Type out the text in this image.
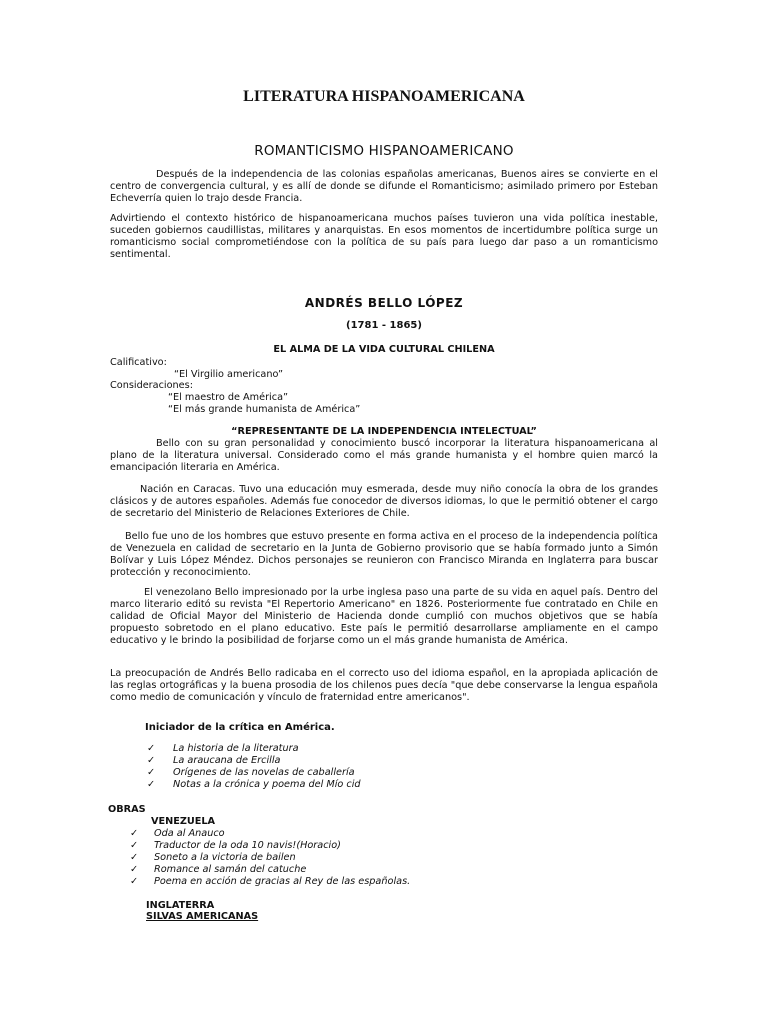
LITERATURA HISPANOAMERICANA
ROMANTICISMO HISPANOAMERICANO

Después de la independencia de las colonias españolas americanas, Buenos aires se convierte en el centro de convergencia cultural, y es allí de donde se difunde el Romanticismo; asimilado primero por Esteban Echeverría quien lo trajo desde Francia.

Advirtiendo el contexto histórico de hispanoamericana muchos países tuvieron una vida política inestable, suceden gobiernos caudillistas, militares y anarquistas. En esos momentos de incertidumbre política surge un romanticismo social comprometiéndose con la política de su país para luego dar paso a un romanticismo sentimental.

ANDRÉS BELLO LÓPEZ
(1781 - 1865)
EL ALMA DE LA VIDA CULTURAL CHILENA
Calificativo:
“El Virgilio americano”
Consideraciones:
“El maestro de América”
“El más grande humanista de América”
“REPRESENTANTE DE LA INDEPENDENCIA INTELECTUAL”

Bello con su gran personalidad y conocimiento buscó incorporar la literatura hispanoamericana al plano de la literatura universal. Considerado como el más grande humanista y el hombre quien marcó la emancipación literaria en América.

Nación en Caracas. Tuvo una educación muy esmerada, desde muy niño conocía la obra de los grandes clásicos y de autores españoles. Además fue conocedor de diversos idiomas, lo que le permitió obtener el cargo de secretario del Ministerio de Relaciones Exteriores de Chile.

Bello fue uno de los hombres que estuvo presente en forma activa en el proceso de la independencia política de Venezuela en calidad de secretario en la Junta de Gobierno provisorio que se había formado junto a Simón Bolívar y Luis López Méndez. Dichos personajes se reunieron con Francisco Miranda en Inglaterra para buscar protección y reconocimiento.

El venezolano Bello impresionado por la urbe inglesa paso una parte de su vida en aquel país. Dentro del marco literario editó su revista "El Repertorio Americano" en 1826. Posteriormente fue contratado en Chile en calidad de Oficial Mayor del Ministerio de Hacienda donde cumplió con muchos objetivos que se había propuesto sobretodo en el plano educativo. Este país le permitió desarrollarse ampliamente en el campo educativo y le brindo la posibilidad de forjarse como un el más grande humanista de América.

La preocupación de Andrés Bello radicaba en el correcto uso del idioma español, en la apropiada aplicación de las reglas ortográficas y la buena prosodia de los chilenos pues decía "que debe conservarse la lengua española como medio de comunicación y vínculo de fraternidad entre americanos".

Iniciador de la crítica en América.
✓ La historia de la literatura
✓ La araucana de Ercilla
✓ Orígenes de las novelas de caballería
✓ Notas a la crónica y poema del Mío cid
OBRAS
VENEZUELA
✓ Oda al Anauco
✓ Traductor de la oda 10 navis!(Horacio)
✓ Soneto a la victoria de bailen
✓ Romance al samán del catuche
✓ Poema en acción de gracias al Rey de las españolas.
INGLATERRA
SILVAS AMERICANAS
